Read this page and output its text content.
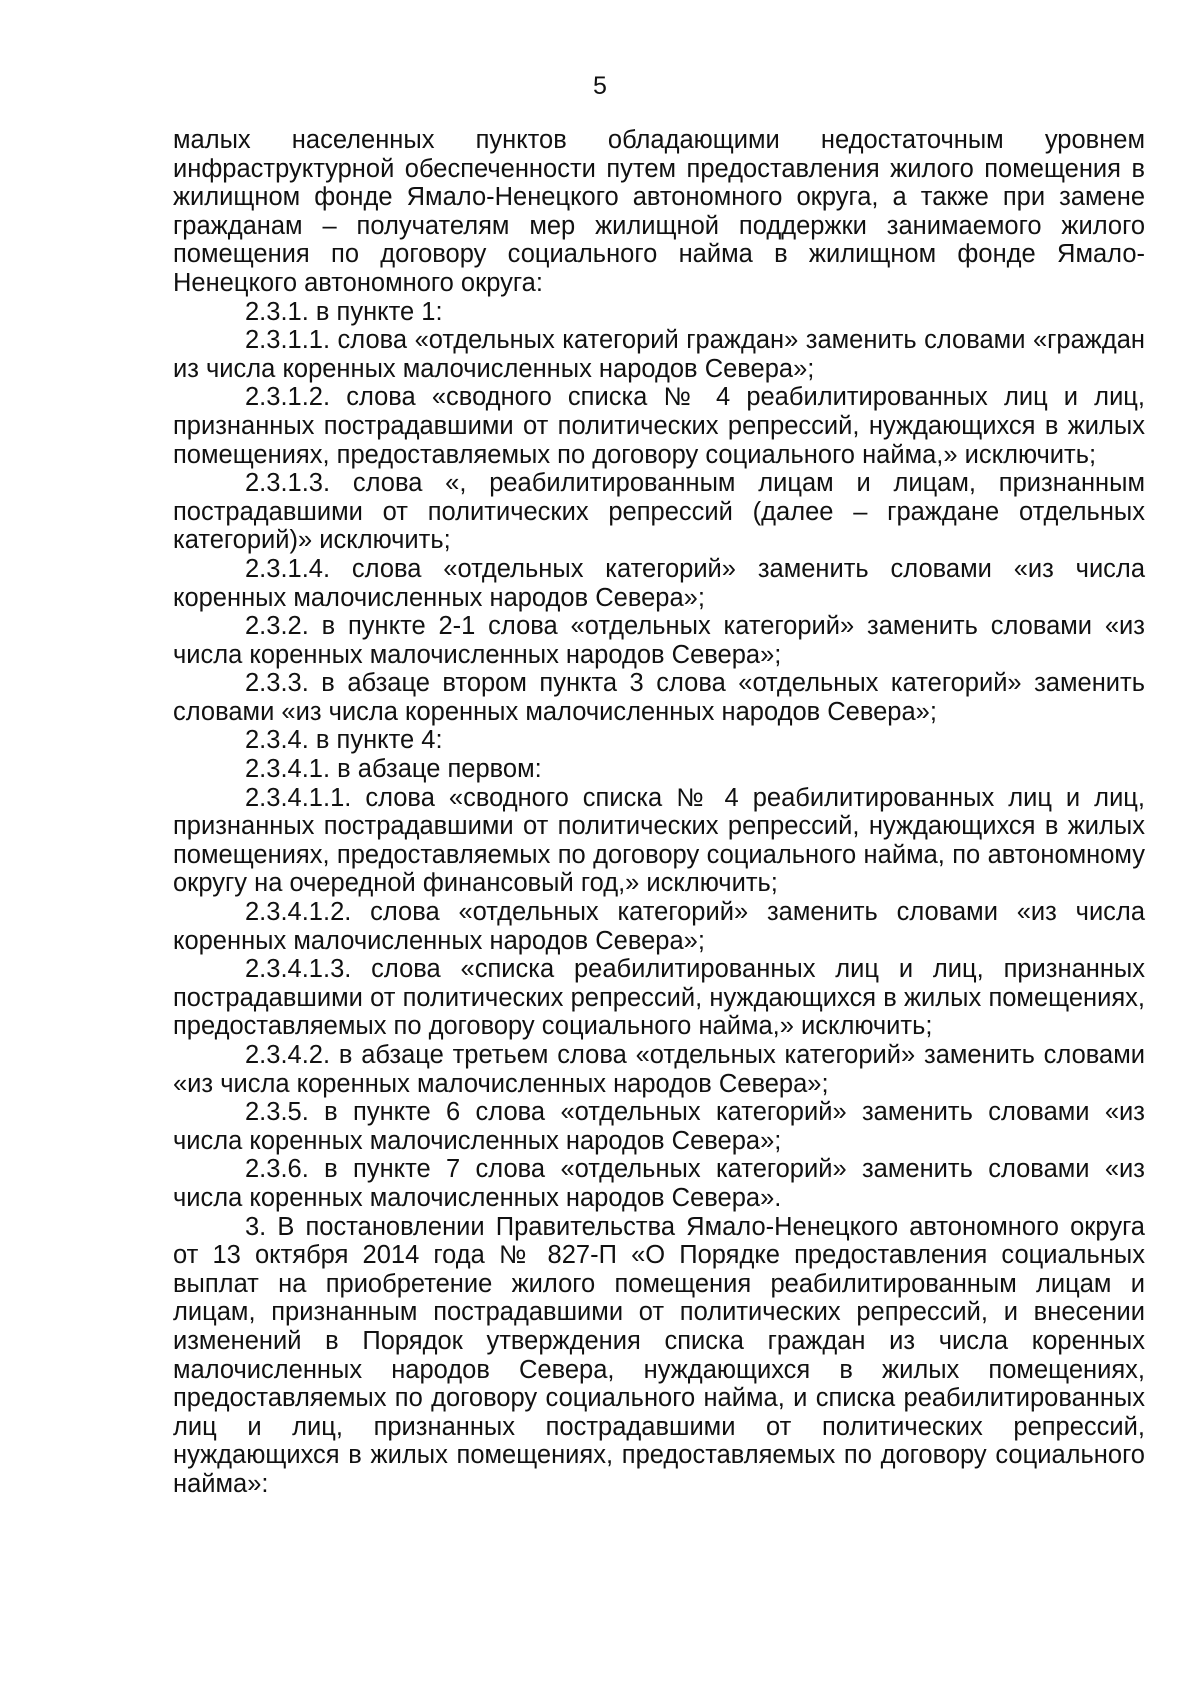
5

малых населенных пунктов обладающими недостаточным уровнем инфраструктурной обеспеченности путем предоставления жилого помещения в жилищном фонде Ямало-Ненецкого автономного округа, а также при замене гражданам – получателям мер жилищной поддержки занимаемого жилого помещения по договору социального найма в жилищном фонде Ямало-Ненецкого автономного округа:

2.3.1. в пункте 1:

2.3.1.1. слова «отдельных категорий граждан» заменить словами «граждан из числа коренных малочисленных народов Севера»;

2.3.1.2. слова «сводного списка № 4 реабилитированных лиц и лиц, признанных пострадавшими от политических репрессий, нуждающихся в жилых помещениях, предоставляемых по договору социального найма,» исключить;

2.3.1.3. слова «, реабилитированным лицам и лицам, признанным пострадавшими от политических репрессий (далее – граждане отдельных категорий)» исключить;

2.3.1.4. слова «отдельных категорий» заменить словами «из числа коренных малочисленных народов Севера»;

2.3.2. в пункте 2-1 слова «отдельных категорий» заменить словами «из числа коренных малочисленных народов Севера»;

2.3.3. в абзаце втором пункта 3 слова «отдельных категорий» заменить словами «из числа коренных малочисленных народов Севера»;

2.3.4. в пункте 4:

2.3.4.1. в абзаце первом:

2.3.4.1.1. слова «сводного списка № 4 реабилитированных лиц и лиц, признанных пострадавшими от политических репрессий, нуждающихся в жилых помещениях, предоставляемых по договору социального найма, по автономному округу на очередной финансовый год,» исключить;

2.3.4.1.2. слова «отдельных категорий» заменить словами «из числа коренных малочисленных народов Севера»;

2.3.4.1.3. слова «списка реабилитированных лиц и лиц, признанных пострадавшими от политических репрессий, нуждающихся в жилых помещениях, предоставляемых по договору социального найма,» исключить;

2.3.4.2. в абзаце третьем слова «отдельных категорий» заменить словами «из числа коренных малочисленных народов Севера»;

2.3.5. в пункте 6 слова «отдельных категорий» заменить словами «из числа коренных малочисленных народов Севера»;

2.3.6. в пункте 7 слова «отдельных категорий» заменить словами «из числа коренных малочисленных народов Севера».

3. В постановлении Правительства Ямало-Ненецкого автономного округа от 13 октября 2014 года № 827-П «О Порядке предоставления социальных выплат на приобретение жилого помещения реабилитированным лицам и лицам, признанным пострадавшими от политических репрессий, и внесении изменений в Порядок утверждения списка граждан из числа коренных малочисленных народов Севера, нуждающихся в жилых помещениях, предоставляемых по договору социального найма, и списка реабилитированных лиц и лиц, признанных пострадавшими от политических репрессий, нуждающихся в жилых помещениях, предоставляемых по договору социального найма»:
